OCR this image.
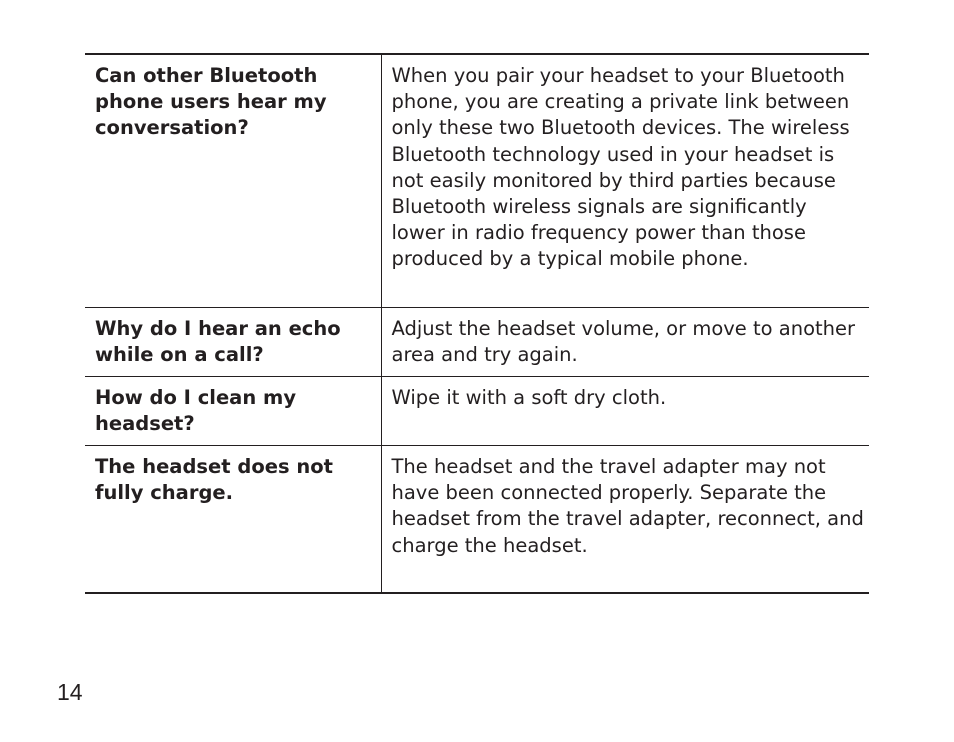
Can other Bluetooth phone users hear my conversation?	When you pair your headset to your Bluetooth phone, you are creating a private link between only these two Bluetooth devices. The wireless Bluetooth technology used in your headset is not easily monitored by third parties because Bluetooth wireless signals are significantly lower in radio frequency power than those produced by a typical mobile phone.
Why do I hear an echo while on a call?	Adjust the headset volume, or move to another area and try again.
How do I clean my headset?	Wipe it with a soft dry cloth.
The headset does not fully charge.	The headset and the travel adapter may not have been connected properly. Separate the headset from the travel adapter, reconnect, and charge the headset.
14
